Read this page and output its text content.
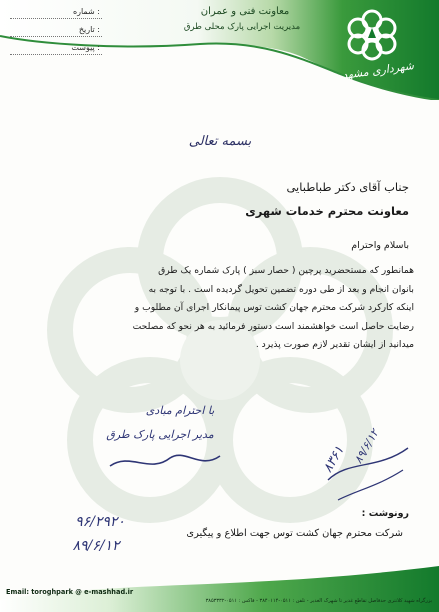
: شماره
: تاریخ
: پیوست
معاونت فنی و عمران
مدیریت اجرایی پارک محلی طرق
شهرداری مشهد
بسمه تعالی
جناب آقای دکتر طباطبایی
معاونت محترم خدمات شهری
باسلام واحترام
همانطور که مستحضرید پرچین ( حصار سبز ) پارک شماره یک طرق
بانوان انجام و بعد از طی دوره تضمین تحویل گردیده است . با توجه به
اینکه کارکرد شرکت محترم جهان کشت توس پیمانکار اجرای آن مطلوب و
رضایت حاصل است خواهشمند است دستور فرمائید به هر نحو که مصلحت
میدانید از ایشان تقدیر لازم صورت پذیرد .
با احترام مبادی
مدیر اجرایی پارک طرق
۸۳۶۱ ۸۹/۶/۱۲
رونوشت :
شرکت محترم جهان کشت توس جهت اطلاع و پیگیری
۹۶/۲۹۲۰
۸۹/۶/۱۲
Email: toroghpark @ e-mashhad.ir
بزرگراه شهید کلانتری حدفاصل تقاطع غدیر تا شهرک الغدیر - تلفن : ۰۵۱۱-۳۸۴۰۱۱۴ - فاکس : ۰۵۱۱-۳۸۵۳۳۳۲
